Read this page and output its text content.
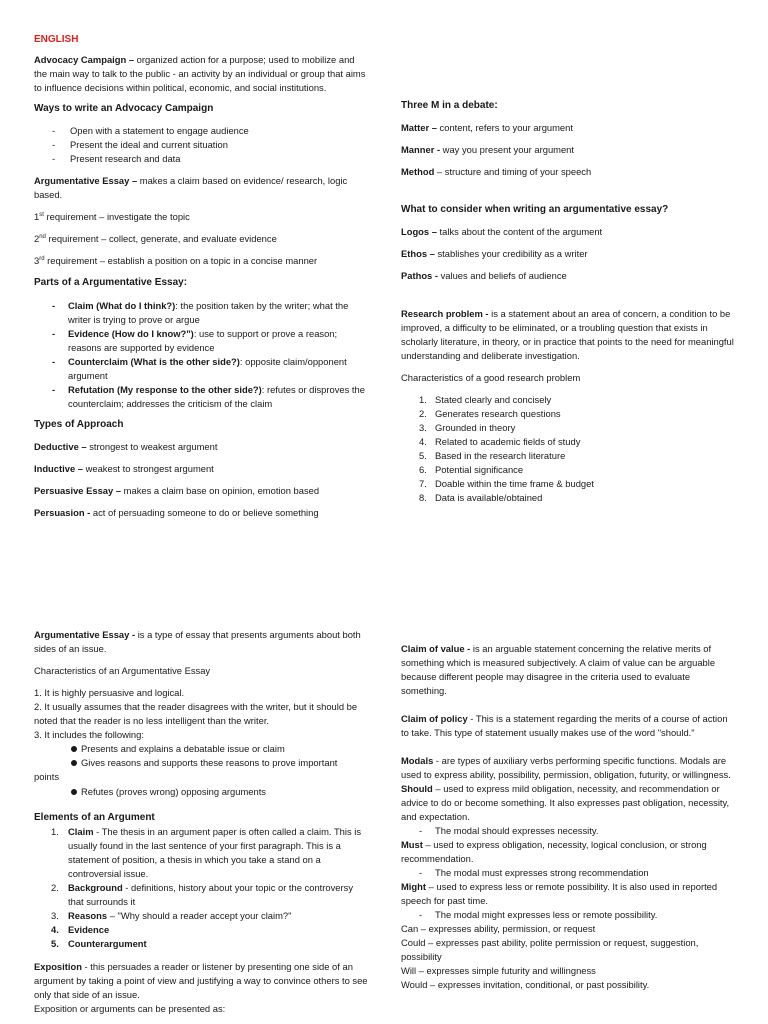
ENGLISH

Advocacy Campaign – organized action for a purpose; used to mobilize and the main way to talk to the public - an activity by an individual or group that aims to influence decisions within political, economic, and social institutions.

Ways to write an Advocacy Campaign

- Open with a statement to engage audience
- Present the ideal and current situation
- Present research and data

Argumentative Essay – makes a claim based on evidence/ research, logic based.

1st requirement – investigate the topic

2nd requirement – collect, generate, and evaluate evidence

3rd requirement – establish a position on a topic in a concise manner

Parts of a Argumentative Essay:

- Claim (What do I think?): the position taken by the writer; what the writer is trying to prove or argue
- Evidence (How do I know?"): use to support or prove a reason; reasons are supported by evidence
- Counterclaim (What is the other side?): opposite claim/opponent argument
- Refutation (My response to the other side?): refutes or disproves the counterclaim; addresses the criticism of the claim

Types of Approach

Deductive – strongest to weakest argument

Inductive – weakest to strongest argument

Persuasive Essay – makes a claim base on opinion, emotion based

Persuasion - act of persuading someone to do or believe something

Three M in a debate:

Matter – content, refers to your argument

Manner - way you present your argument

Method – structure and timing of your speech

What to consider when writing an argumentative essay?

Logos – talks about the content of the argument

Ethos – stablishes your credibility as a writer

Pathos - values and beliefs of audience

Research problem - is a statement about an area of concern, a condition to be improved, a difficulty to be eliminated, or a troubling question that exists in scholarly literature, in theory, or in practice that points to the need for meaningful understanding and deliberate investigation.

Characteristics of a good research problem

1. Stated clearly and concisely
2. Generates research questions
3. Grounded in theory
4. Related to academic fields of study
5. Based in the research literature
6. Potential significance
7. Doable within the time frame & budget
8. Data is available/obtained

Argumentative Essay - is a type of essay that presents arguments about both sides of an issue.

Characteristics of an Argumentative Essay

1. It is highly persuasive and logical.

2. It usually assumes that the reader disagrees with the writer, but it should be noted that the reader is no less intelligent than the writer.

3. It includes the following:

Presents and explains a debatable issue or claim
Gives reasons and supports these reasons to prove important

points

Refutes (proves wrong) opposing arguments

Elements of an Argument

1. Claim - The thesis in an argument paper is often called a claim. This is usually found in the last sentence of your first paragraph. This is a statement of position, a thesis in which you take a stand on a controversial issue.
2. Background - definitions, history about your topic or the controversy that surrounds it
3. Reasons – "Why should a reader accept your claim?"
4. Evidence
5. Counterargument

Exposition - this persuades a reader or listener by presenting one side of an argument by taking a point of view and justifying a way to convince others to see only that side of an issue.

Exposition or arguments can be presented as:

Claim of value - is an arguable statement concerning the relative merits of something which is measured subjectively. A claim of value can be arguable because different people may disagree in the criteria used to evaluate something.

Claim of policy - This is a statement regarding the merits of a course of action to take. This type of statement usually makes use of the word "should."

Modals - are types of auxiliary verbs performing specific functions. Modals are used to express ability, possibility, permission, obligation, futurity, or willingness.

Should – used to express mild obligation, necessity, and recommendation or advice to do or become something. It also expresses past obligation, necessity, and expectation.

- The modal should expresses necessity.

Must – used to express obligation, necessity, logical conclusion, or strong recommendation.

- The modal must expresses strong recommendation

Might – used to express less or remote possibility. It is also used in reported speech for past time.

- The modal might expresses less or remote possibility.

Can – expresses ability, permission, or request

Could – expresses past ability, polite permission or request, suggestion, possibility

Will – expresses simple futurity and willingness

Would – expresses invitation, conditional, or past possibility.
